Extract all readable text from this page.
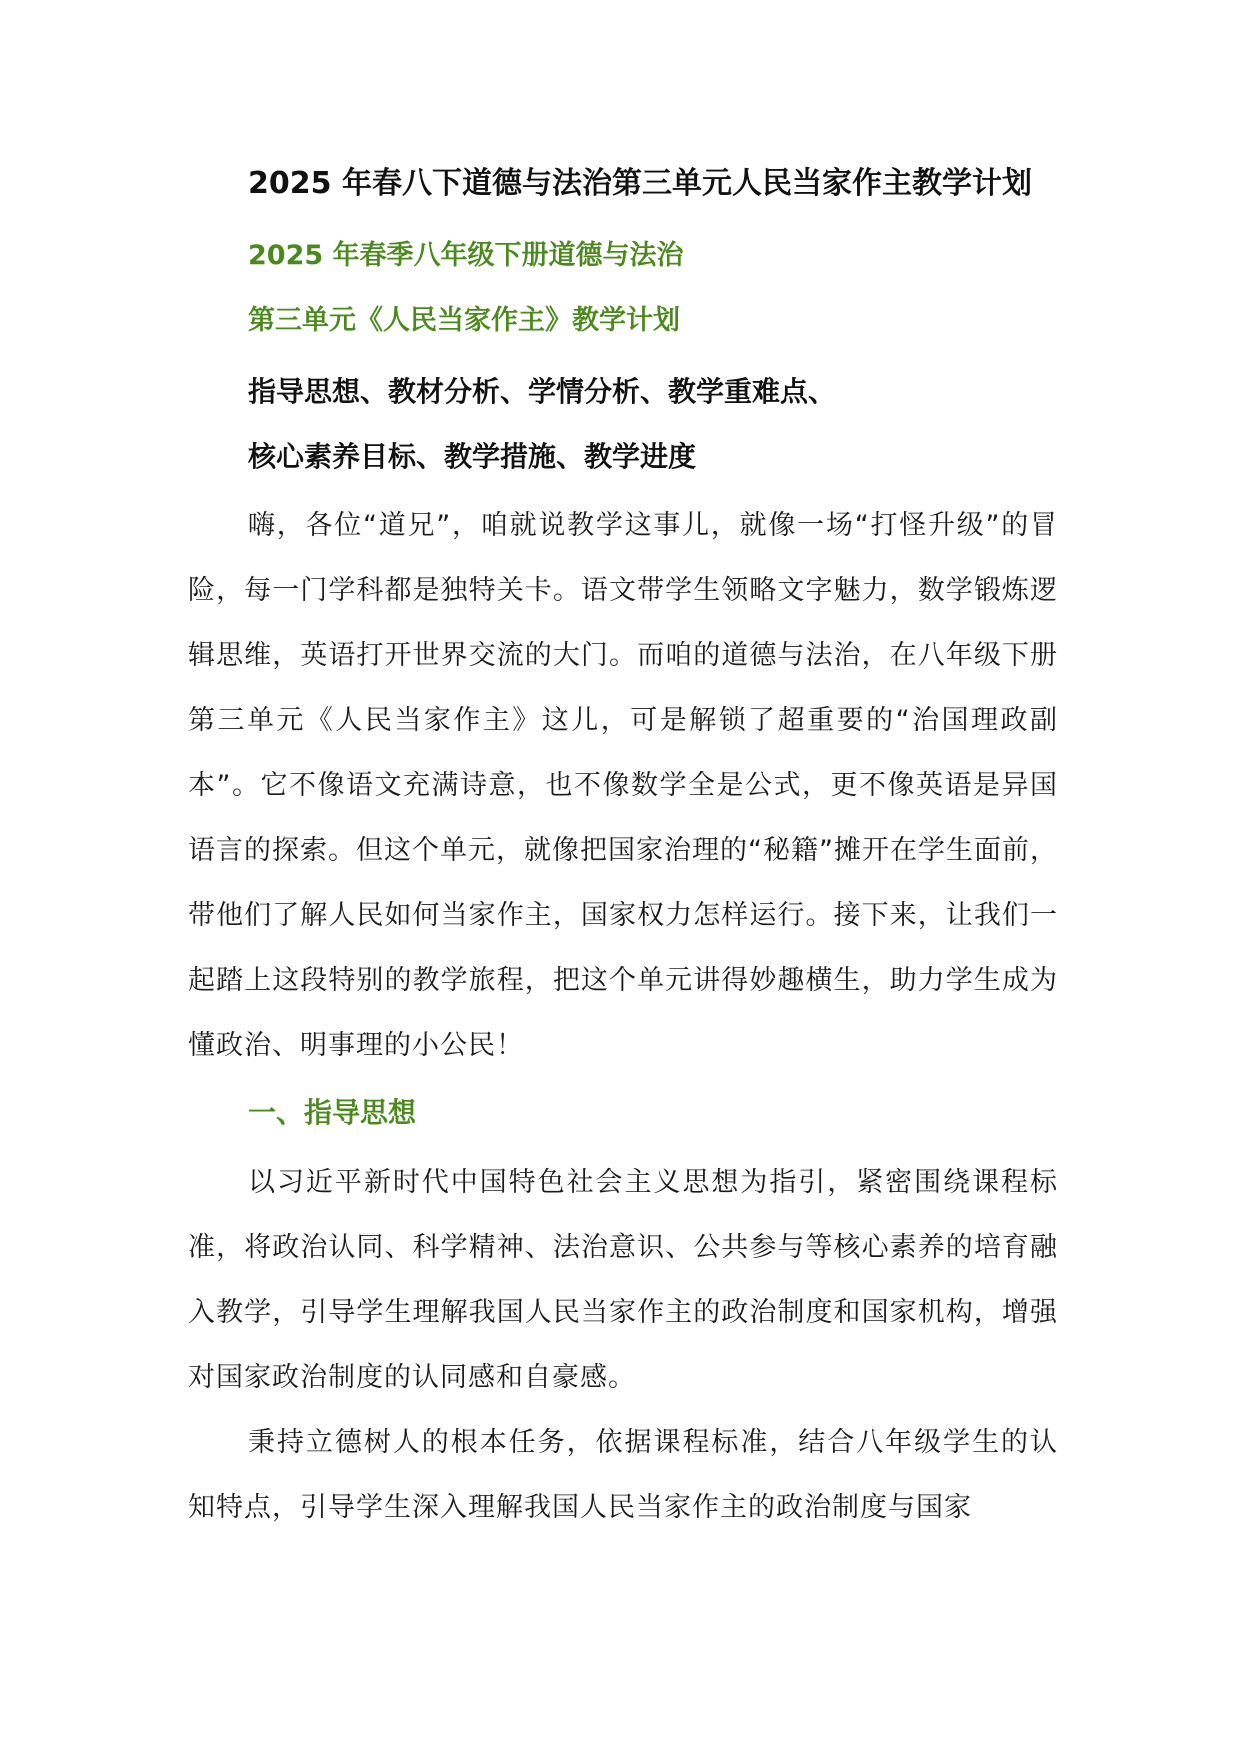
2025 年春八下道德与法治第三单元人民当家作主教学计划
2025 年春季八年级下册道德与法治
第三单元《人民当家作主》教学计划

指导思想、教材分析、学情分析、教学重难点、

核心素养目标、教学措施、教学进度

嗨，各位“道兄”，咱就说教学这事儿，就像一场“打怪升级”的冒险，每一门学科都是独特关卡。语文带学生领略文字魅力，数学锻炼逻辑思维，英语打开世界交流的大门。而咱的道德与法治，在八年级下册第三单元《人民当家作主》这儿，可是解锁了超重要的“治国理政副本”。它不像语文充满诗意，也不像数学全是公式，更不像英语是异国语言的探索。但这个单元，就像把国家治理的“秘籍”摊开在学生面前，带他们了解人民如何当家作主，国家权力怎样运行。接下来，让我们一起踏上这段特别的教学旅程，把这个单元讲得妙趣横生，助力学生成为懂政治、明事理的小公民！

一、指导思想

以习近平新时代中国特色社会主义思想为指引，紧密围绕课程标准，将政治认同、科学精神、法治意识、公共参与等核心素养的培育融入教学，引导学生理解我国人民当家作主的政治制度和国家机构，增强对国家政治制度的认同感和自豪感。

秉持立德树人的根本任务，依据课程标准，结合八年级学生的认知特点，引导学生深入理解我国人民当家作主的政治制度与国家
